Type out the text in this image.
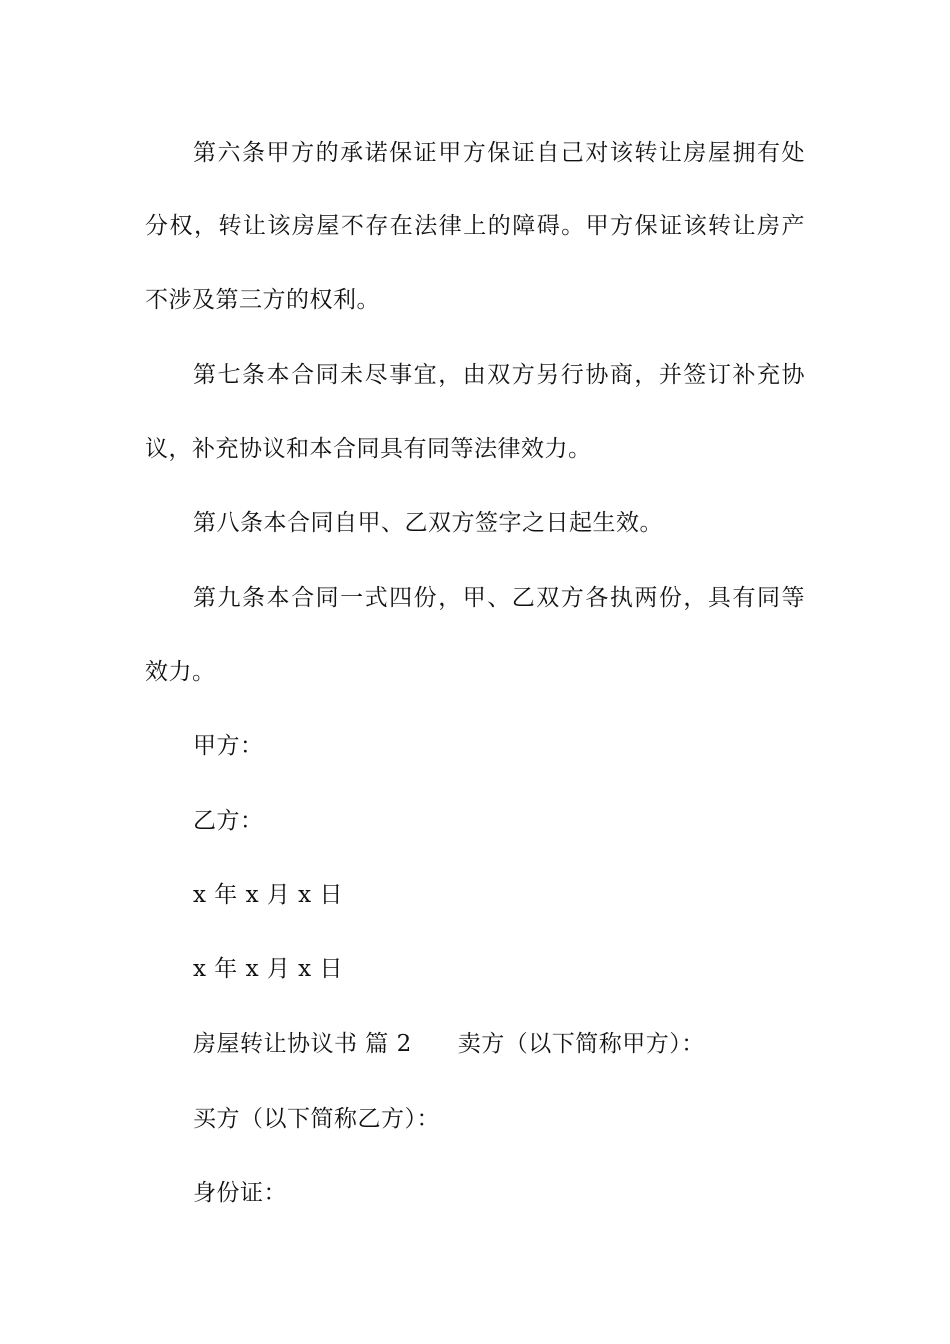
第六条甲方的承诺保证甲方保证自己对该转让房屋拥有处
分权，转让该房屋不存在法律上的障碍。甲方保证该转让房产
不涉及第三方的权利。
第七条本合同未尽事宜，由双方另行协商，并签订补充协
议，补充协议和本合同具有同等法律效力。
第八条本合同自甲、乙双方签字之日起生效。
第九条本合同一式四份，甲、乙双方各执两份，具有同等
效力。
甲方：
乙方：
x 年 x 月 x 日
x 年 x 月 x 日
房屋转让协议书 篇 2 卖方（以下简称甲方）：
买方（以下简称乙方）：
身份证：
